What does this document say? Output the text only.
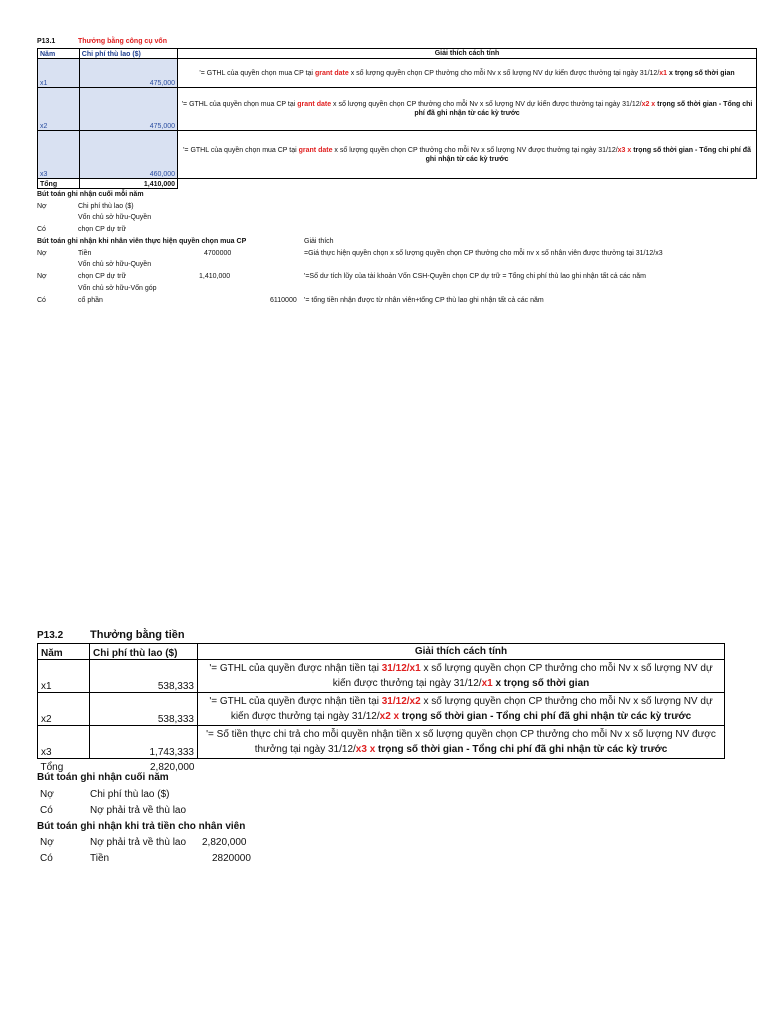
P13.1	Thưởng bằng công cụ vốn
Năm	Chi phí thù lao ($)	Giải thích cách tính
x1	475,000	'= GTHL của quyền chọn mua CP tại grant date x số lượng quyền chọn CP thưởng cho mỗi Nv x số lượng NV dự kiến được thưởng tại ngày 31/12/x1 x trọng số thời gian
x2	475,000	'= GTHL của quyền chọn mua CP tại grant date x số lượng quyền chọn CP thưởng cho mỗi Nv x số lượng NV dự kiến được thưởng tại ngày 31/12/x2 x trọng số thời gian - Tổng chi phí đã ghi nhận từ các kỳ trước
x3	460,000	'= GTHL của quyền chọn mua CP tại grant date x số lượng quyền chọn CP thưởng cho mỗi Nv x số lượng NV được thưởng tại ngày 31/12/x3 x trọng số thời gian - Tổng chi phí đã ghi nhận từ các kỳ trước
Tổng	1,410,000	
Bút toán ghi nhận cuối mỗi năm
Nợ	Chi phí thù lao ($)
Vốn chủ sở hữu-Quyền
Có	chọn CP dự trữ
Bút toán ghi nhận khi nhân viên thực hiện quyền chọn mua CP	Giải thích
Nợ	Tiền	4700000	=Giá thực hiện quyền chọn x số lượng quyền chọn CP thưởng cho mỗi nv x số nhân viên được thưởng tại 31/12/x3
Vốn chủ sở hữu-Quyền
Nợ	chọn CP dự trữ	1,410,000	'=Số dư tích lũy của tài khoản Vốn CSH-Quyền chọn CP dự trữ = Tổng chi phí thù lao ghi nhận tất cả các năm
Vốn chủ sở hữu-Vốn góp
Có	cổ phần	6110000 '= tổng tiền nhận được từ nhân viên+tổng CP thù lao ghi nhận tất cả các năm
P13.2 Thưởng bằng tiền
Năm	Chi phí thù lao ($)	Giải thích cách tính
x1	538,333	'= GTHL của quyền được nhận tiền tại 31/12/x1 x số lượng quyền chọn CP thưởng cho mỗi Nv x số lượng NV dự
kiến được thưởng tại ngày 31/12/x1 x trọng số thời gian

x2	538,333	'= GTHL của quyền được nhận tiền tại 31/12/x2 x số lượng quyền chọn CP thưởng cho mỗi Nv x số lượng NV dự
kiến được thưởng tại ngày 31/12/x2 x trọng số thời gian - Tổng chi phí đã ghi nhận từ các kỳ trước

x3	1,743,333	'= Số tiền thực chi trả cho mỗi quyền nhận tiền x số lượng quyền chọn CP thưởng cho mỗi Nv x số lượng NV được
thưởng tại ngày 31/12/x3 x trọng số thời gian - Tổng chi phí đã ghi nhận từ các kỳ trước

Tổng	2,820,000	
Bút toán ghi nhận cuối năm
Nợ	Chi phí thù lao ($)
Có	Nợ phải trả về thù lao
Bút toán ghi nhận khi trả tiền cho nhân viên
Nợ	Nợ phải trả về thù lao 2,820,000
Có	Tiền	2820000
